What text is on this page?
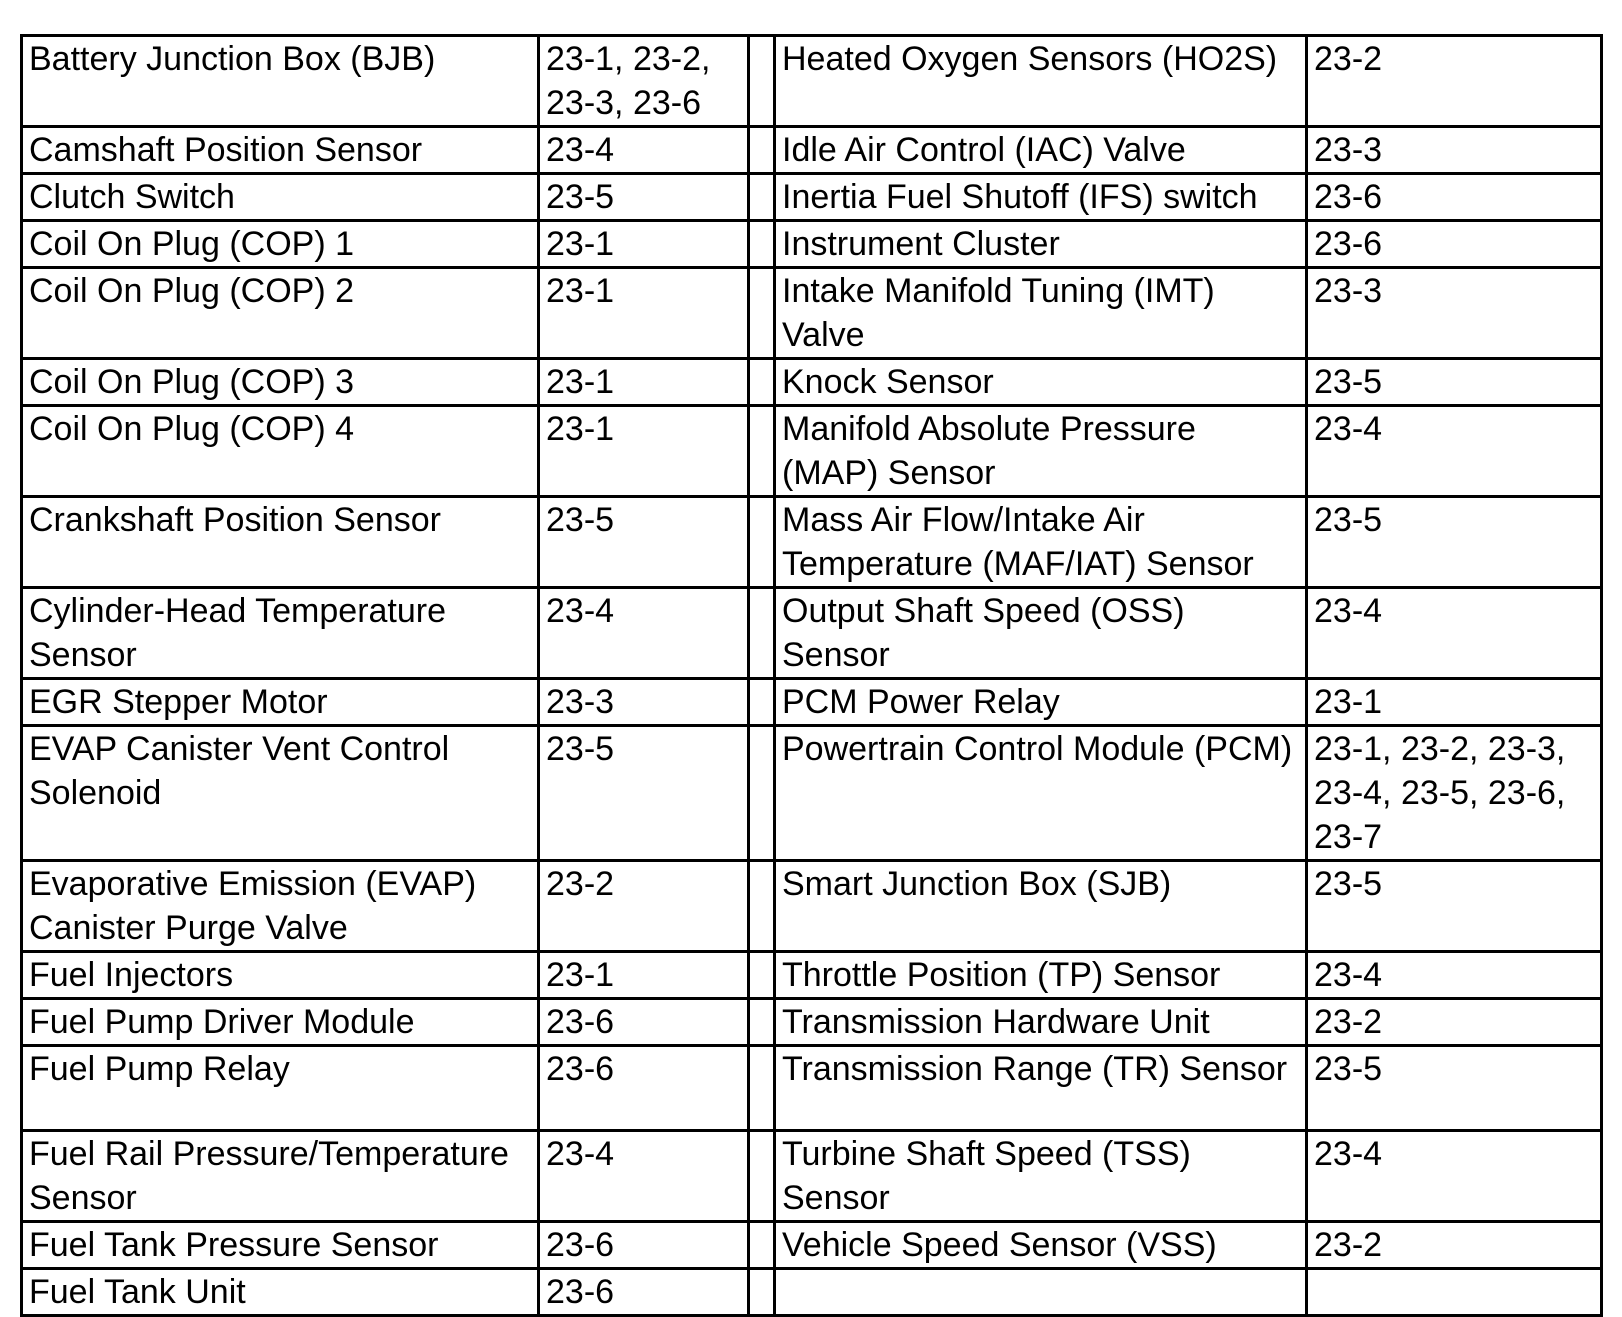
Battery Junction Box (BJB)	23-1, 23-2, 23-3, 23-6		Heated Oxygen Sensors (HO2S)	23-2
Camshaft Position Sensor	23-4		Idle Air Control (IAC) Valve	23-3
Clutch Switch	23-5		Inertia Fuel Shutoff (IFS) switch	23-6
Coil On Plug (COP) 1	23-1		Instrument Cluster	23-6
Coil On Plug (COP) 2	23-1		Intake Manifold Tuning (IMT) Valve	23-3
Coil On Plug (COP) 3	23-1		Knock Sensor	23-5
Coil On Plug (COP) 4	23-1		Manifold Absolute Pressure (MAP) Sensor	23-4
Crankshaft Position Sensor	23-5		Mass Air Flow/Intake Air Temperature (MAF/IAT) Sensor	23-5
Cylinder-Head Temperature Sensor	23-4		Output Shaft Speed (OSS) Sensor	23-4
EGR Stepper Motor	23-3		PCM Power Relay	23-1
EVAP Canister Vent Control Solenoid	23-5		Powertrain Control Module (PCM)	23-1, 23-2, 23-3, 23-4, 23-5, 23-6, 23-7
Evaporative Emission (EVAP) Canister Purge Valve	23-2		Smart Junction Box (SJB)	23-5
Fuel Injectors	23-1		Throttle Position (TP) Sensor	23-4
Fuel Pump Driver Module	23-6		Transmission Hardware Unit	23-2
Fuel Pump Relay	23-6		Transmission Range (TR) Sensor	23-5
Fuel Rail Pressure/Temperature Sensor	23-4		Turbine Shaft Speed (TSS) Sensor	23-4
Fuel Tank Pressure Sensor	23-6		Vehicle Speed Sensor (VSS)	23-2
Fuel Tank Unit	23-6			
